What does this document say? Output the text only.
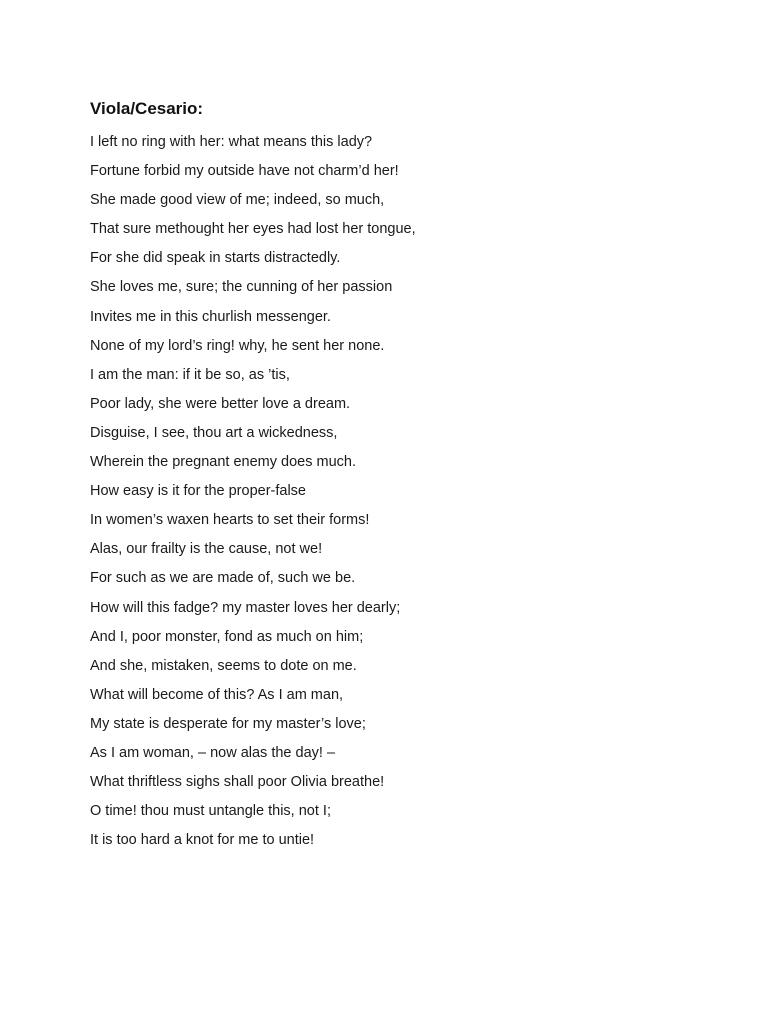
Viola/Cesario:
I left no ring with her: what means this lady?
Fortune forbid my outside have not charm’d her!
She made good view of me; indeed, so much,
That sure methought her eyes had lost her tongue,
For she did speak in starts distractedly.
She loves me, sure; the cunning of her passion
Invites me in this churlish messenger.
None of my lord’s ring! why, he sent her none.
I am the man: if it be so, as ’tis,
Poor lady, she were better love a dream.
Disguise, I see, thou art a wickedness,
Wherein the pregnant enemy does much.
How easy is it for the proper-false
In women’s waxen hearts to set their forms!
Alas, our frailty is the cause, not we!
For such as we are made of, such we be.
How will this fadge? my master loves her dearly;
And I, poor monster, fond as much on him;
And she, mistaken, seems to dote on me.
What will become of this? As I am man,
My state is desperate for my master’s love;
As I am woman, – now alas the day! –
What thriftless sighs shall poor Olivia breathe!
O time! thou must untangle this, not I;
It is too hard a knot for me to untie!
